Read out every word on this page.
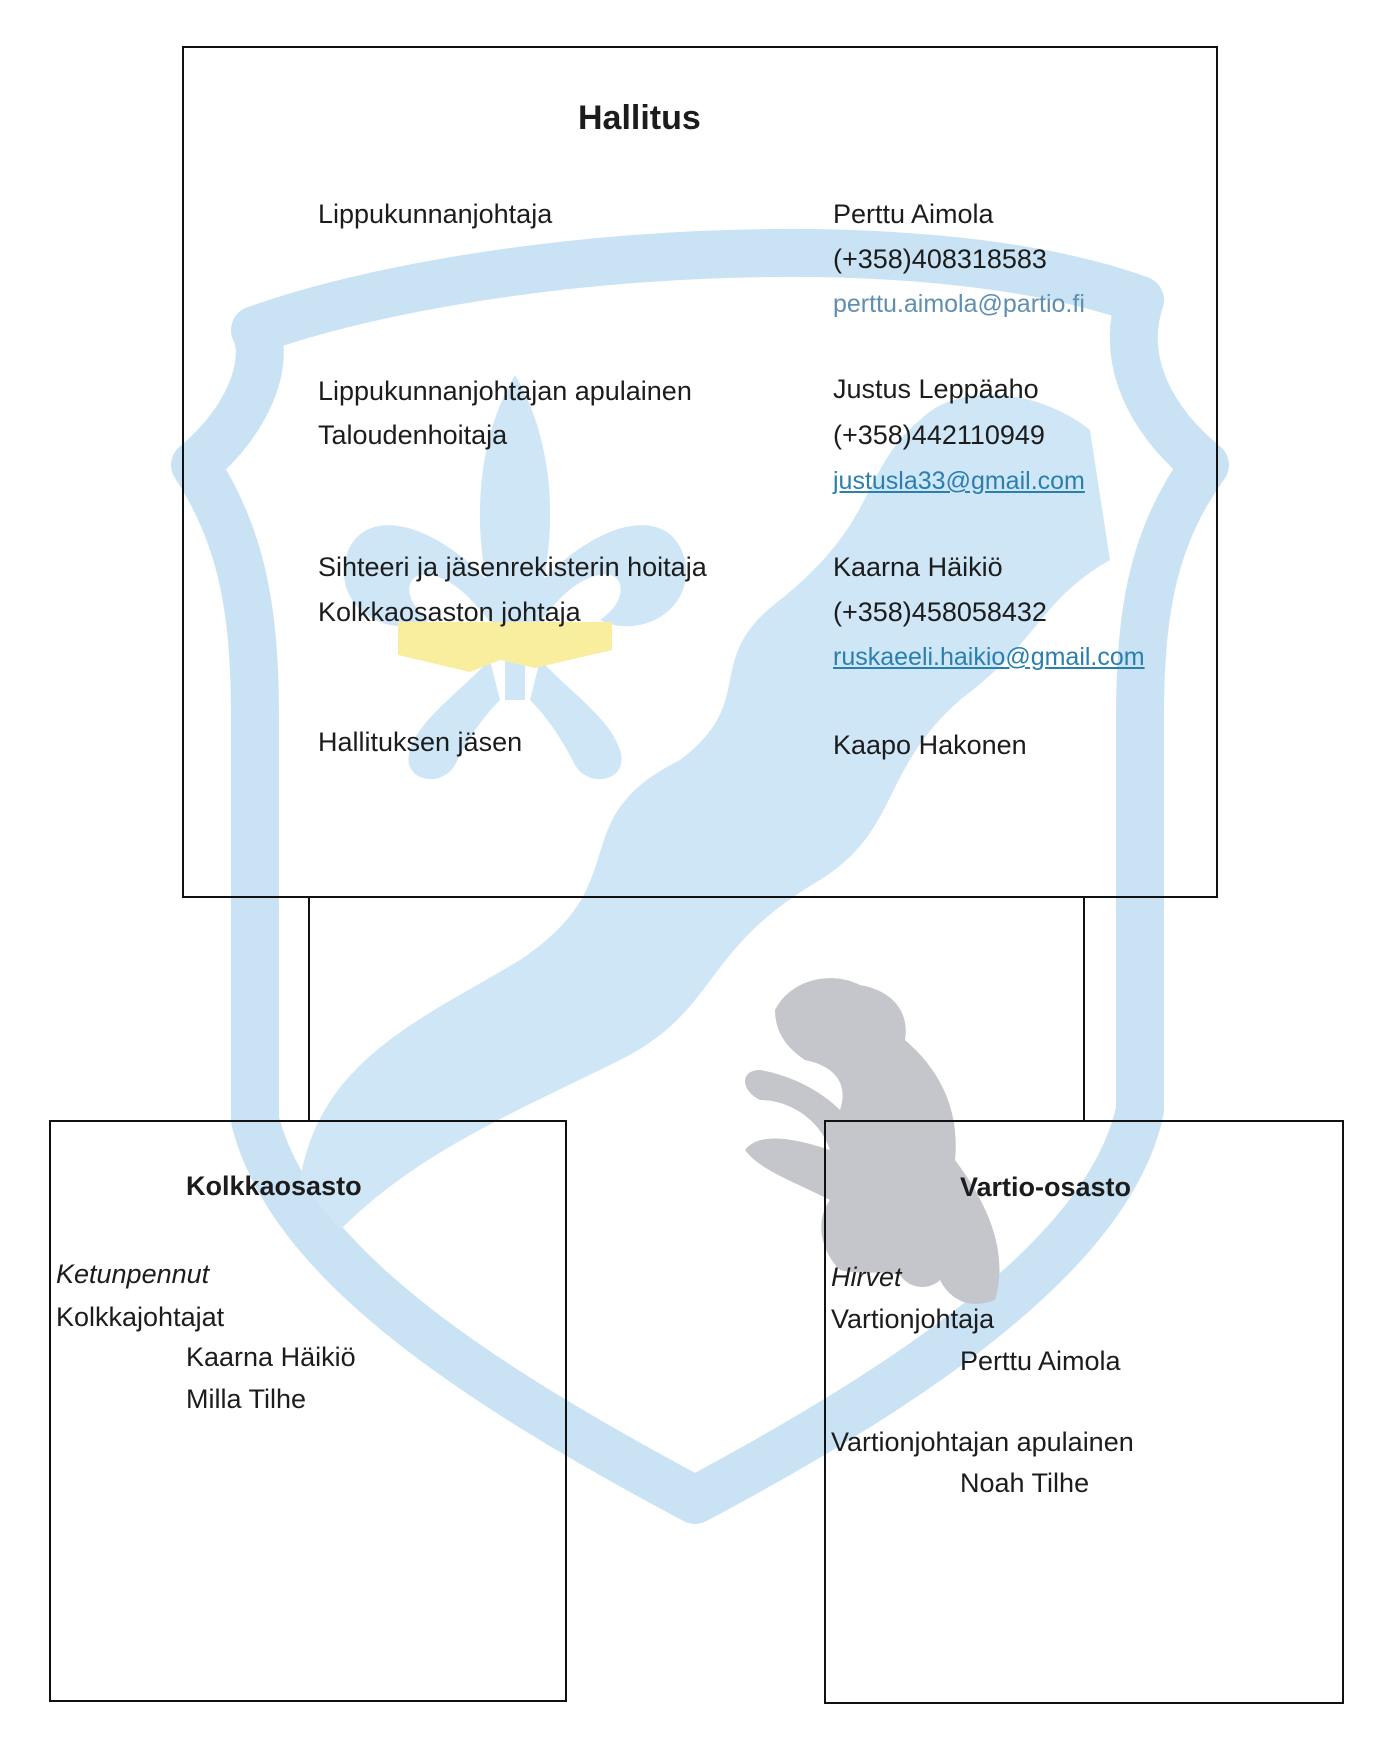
Hallitus
Lippukunnanjohtaja	Perttu Aimola
(+358)408318583
perttu.aimola@partio.fi
Lippukunnanjohtajan apulainen
Taloudenhoitaja
Justus Leppäaho
(+358)442110949
justusla33@gmail.com
Sihteeri ja jäsenrekisterin hoitaja
Kolkkaosaston johtaja
Kaarna Häikiö
(+358)458058432
ruskaeeli.haikio@gmail.com
Hallituksen jäsen	Kaapo Hakonen
Kolkkaosasto
Ketunpennut
Kolkkajohtajat
Kaarna Häikiö
Milla Tilhe
Vartio-osasto
Hirvet
Vartionjohtaja
Perttu Aimola
Vartionjohtajan apulainen
Noah Tilhe
